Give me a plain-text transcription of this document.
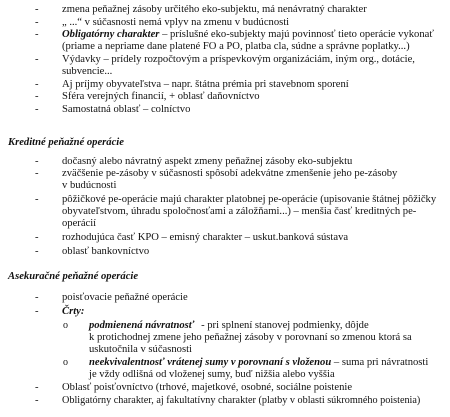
-	zmena peňažnej zásoby určitého eko-subjektu, má nenávratný charakter
-	„ ...“ v súčasnosti nemá vplyv na zmenu v budúcnosti
-	Obligatórny charakter – príslušné eko-subjekty majú povinnosť tieto operácie vykonať
(priame a nepriame dane platené FO a PO, platba cla, súdne a správne poplatky...)
-	Výdavky – prídely rozpočtovým a príspevkovým organizáciám, iným org., dotácie,
subvencie...
-	Aj príjmy obyvateľstva – napr. štátna prémia pri stavebnom sporení
-	Sféra verejných financií, + oblasť daňovníctvo
-	Samostatná oblasť – colníctvo
Kreditné peňažné operácie
-	dočasný alebo návratný aspekt zmeny peňažnej zásoby eko-subjektu
-	zväčšenie pe-zásoby v súčasnosti spôsobí adekvátne zmenšenie jeho pe-zásoby
v budúcnosti
-	pôžičkové pe-operácie majú charakter platobnej pe-operácie (upisovanie štátnej pôžičky
obyvateľstvom, úhradu spoločnosťami a záložňami...) – menšia časť kreditných pe-
operácií
-	rozhodujúca časť KPO – emisný charakter – uskut.banková sústava
-	oblasť bankovníctvo
Asekuračné peňažné operácie
-	poisťovacie peňažné operácie
-	Črty:
o podmienená návratnosť - pri splnení stanovej podmienky, dôjde
k protichodnej zmene jeho peňažnej zásoby v porovnaní so zmenou ktorá sa
uskutočnila v súčasnosti
o neekvivalentnosť vrátenej sumy v porovnaní s vloženou – suma pri návratnosti
je vždy odlišná od vloženej sumy, buď nižšia alebo vyššia
-	Oblasť poisťovníctvo (trhové, majetkové, osobné, sociálne poistenie
-	Obligatórny charakter, aj fakultatívny charakter (platby v oblasti súkromného poistenia)
